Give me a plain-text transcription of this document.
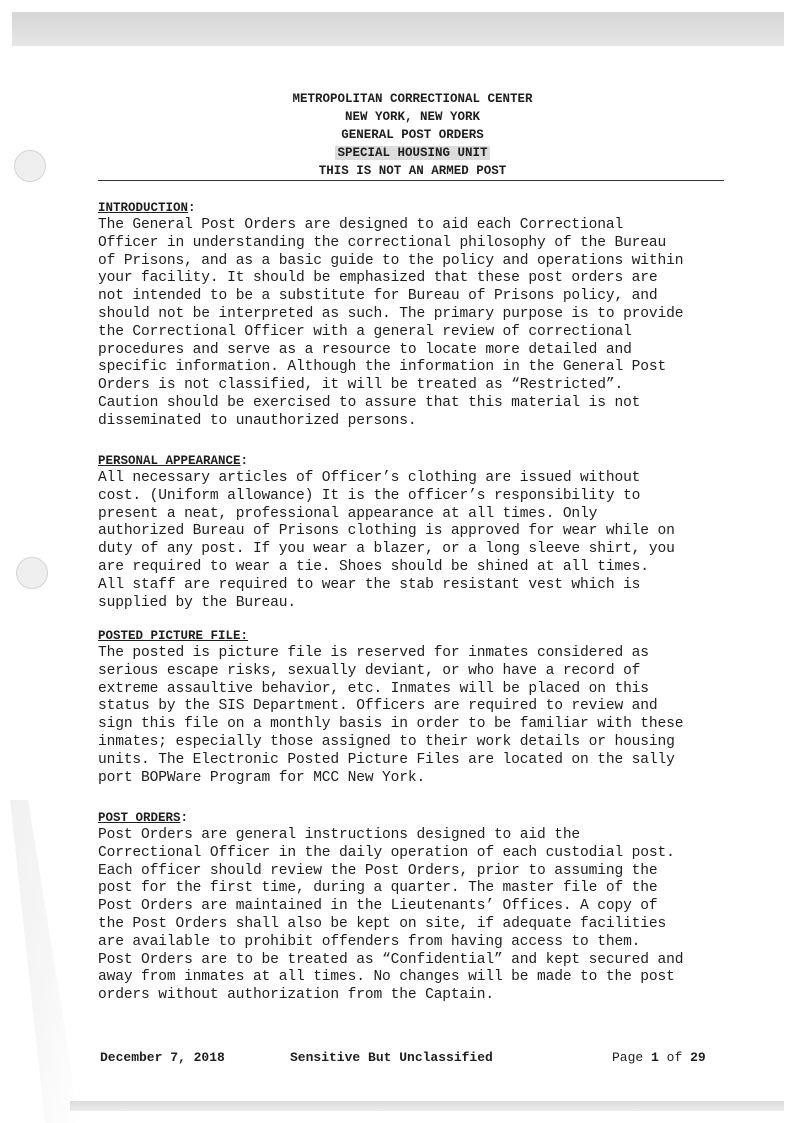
METROPOLITAN CORRECTIONAL CENTER
NEW YORK, NEW YORK
GENERAL POST ORDERS
SPECIAL HOUSING UNIT
THIS IS NOT AN ARMED POST
INTRODUCTION:

The General Post Orders are designed to aid each Correctional
Officer in understanding the correctional philosophy of the Bureau
of Prisons, and as a basic guide to the policy and operations within
your facility. It should be emphasized that these post orders are
not intended to be a substitute for Bureau of Prisons policy, and
should not be interpreted as such. The primary purpose is to provide
the Correctional Officer with a general review of correctional
procedures and serve as a resource to locate more detailed and
specific information. Although the information in the General Post
Orders is not classified, it will be treated as “Restricted”.
Caution should be exercised to assure that this material is not
disseminated to unauthorized persons.

PERSONAL APPEARANCE:

All necessary articles of Officer’s clothing are issued without
cost. (Uniform allowance) It is the officer’s responsibility to
present a neat, professional appearance at all times. Only
authorized Bureau of Prisons clothing is approved for wear while on
duty of any post. If you wear a blazer, or a long sleeve shirt, you
are required to wear a tie. Shoes should be shined at all times.
All staff are required to wear the stab resistant vest which is
supplied by the Bureau.

POSTED PICTURE FILE:

The posted is picture file is reserved for inmates considered as
serious escape risks, sexually deviant, or who have a record of
extreme assaultive behavior, etc. Inmates will be placed on this
status by the SIS Department. Officers are required to review and
sign this file on a monthly basis in order to be familiar with these
inmates; especially those assigned to their work details or housing
units. The Electronic Posted Picture Files are located on the sally
port BOPWare Program for MCC New York.

POST ORDERS:

Post Orders are general instructions designed to aid the
Correctional Officer in the daily operation of each custodial post.
Each officer should review the Post Orders, prior to assuming the
post for the first time, during a quarter. The master file of the
Post Orders are maintained in the Lieutenants’ Offices. A copy of
the Post Orders shall also be kept on site, if adequate facilities
are available to prohibit offenders from having access to them.
Post Orders are to be treated as “Confidential” and kept secured and
away from inmates at all times. No changes will be made to the post
orders without authorization from the Captain.

December 7, 2018	Sensitive But Unclassified	Page 1 of 29
